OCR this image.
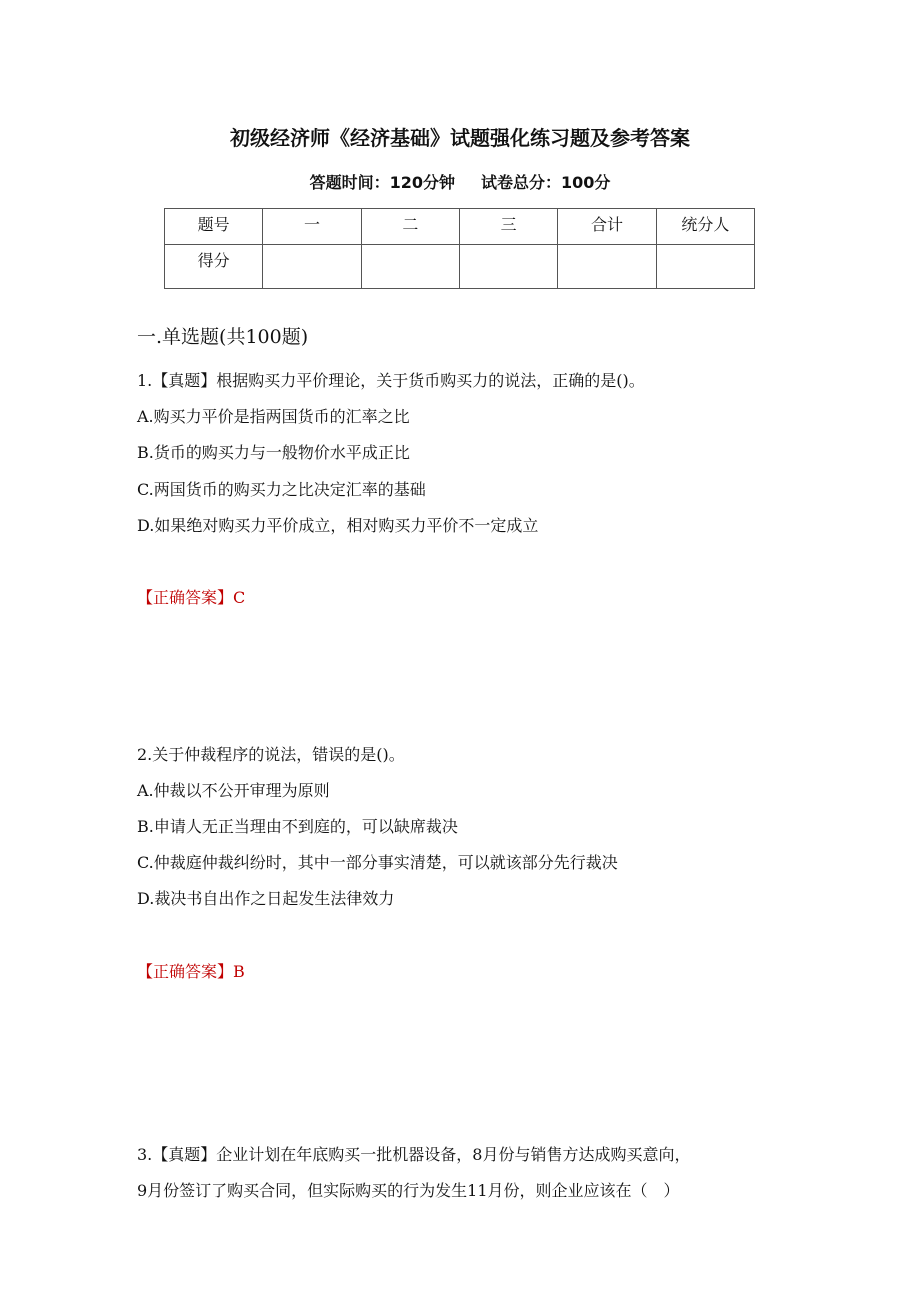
初级经济师《经济基础》试题强化练习题及参考答案
答题时间：120分钟 试卷总分：100分
题号	一	二	三	合计	统分人
得分					
一.单选题(共100题)
1.【真题】根据购买力平价理论，关于货币购买力的说法，正确的是()。
A.购买力平价是指两国货币的汇率之比
B.货币的购买力与一般物价水平成正比
C.两国货币的购买力之比决定汇率的基础
D.如果绝对购买力平价成立，相对购买力平价不一定成立
【正确答案】C
2.关于仲裁程序的说法，错误的是()。
A.仲裁以不公开审理为原则
B.申请人无正当理由不到庭的，可以缺席裁决
C.仲裁庭仲裁纠纷时，其中一部分事实清楚，可以就该部分先行裁决
D.裁决书自出作之日起发生法律效力
【正确答案】B
3.【真题】企业计划在年底购买一批机器设备，8月份与销售方达成购买意向，
9月份签订了购买合同，但实际购买的行为发生11月份，则企业应该在（　）
